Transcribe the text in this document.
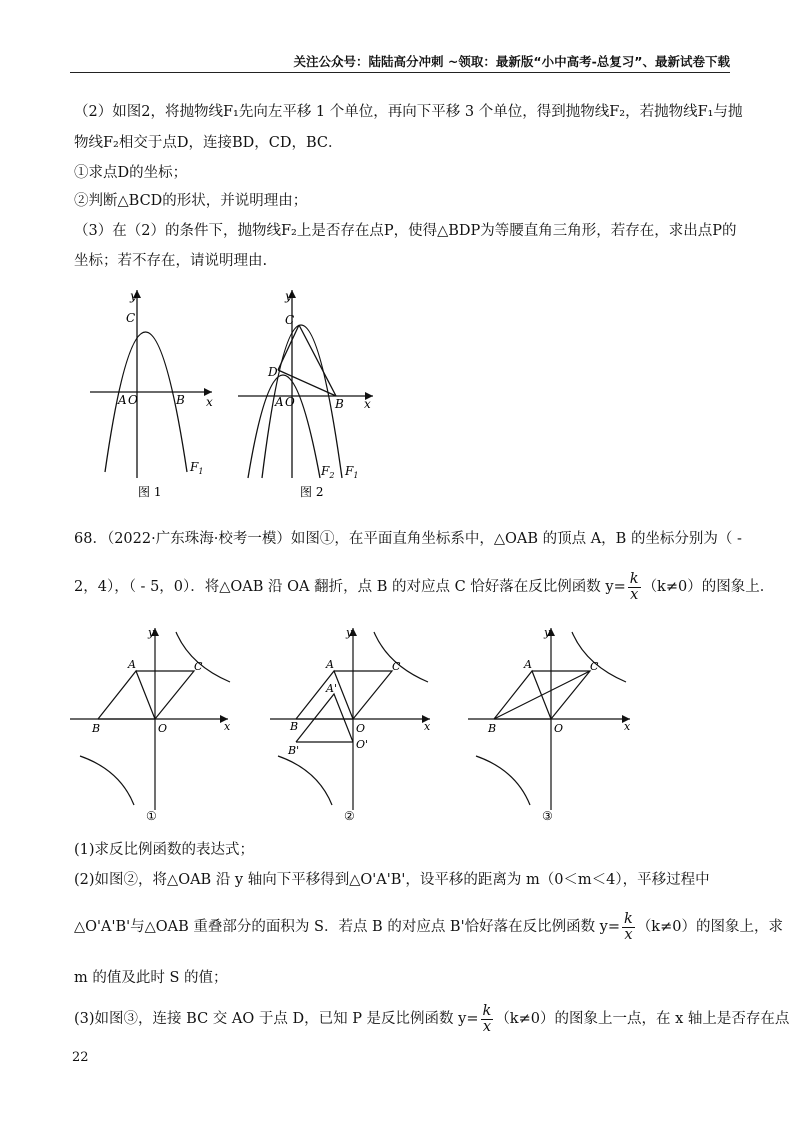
关注公众号：陆陆高分冲刺 ~领取：最新版“小中高考-总复习”、最新试卷下载
（2）如图2，将抛物线F₁先向左平移 1 个单位，再向下平移 3 个单位，得到抛物线F₂，若抛物线F₁与抛
物线F₂相交于点D，连接BD，CD，BC．
①求点D的坐标；
②判断△BCD的形状，并说明理由；
（3）在（2）的条件下，抛物线F₂上是否存在点P，使得△BDP为等腰直角三角形，若存在，求出点P的
坐标；若不存在，请说明理由.
y
x
C
A O	B
$F_1$
图 1
y
x
C
D
A O	B
$F_2$ $F_1$
图 2
68．（2022·广东珠海·校考一模）如图①，在平面直角坐标系中，△OAB 的顶点 A，B 的坐标分别为（ -
2，4），（ - 5，0）．将△OAB 沿 OA 翻折，点 B 的对应点 C 恰好落在反比例函数 $y= \frac{k}{x} (k\ne 0)$的图象上．
y
x
A
B
C
O
①
y
x
A
A'
B
B'
C
O
O'
②
y
x
A
B
C
O
③
(1)求反比例函数的表达式；
(2)如图②，将△OAB 沿 y 轴向下平移得到△O'A'B'，设平移的距离为 m（0＜m＜4），平移过程中
△O'A'B'与△OAB 重叠部分的面积为 S．若点 B 的对应点 B'恰好落在反比例函数 $y= \frac{k}{x} (k\ne 0)$的图象上，求
m 的值及此时 S 的值；
(3)如图③，连接 BC 交 AO 于点 D，已知 P 是反比例函数 $y= \frac{k}{x} (k\ne 0)$的图象上一点，在 x 轴上是否存在点
22
